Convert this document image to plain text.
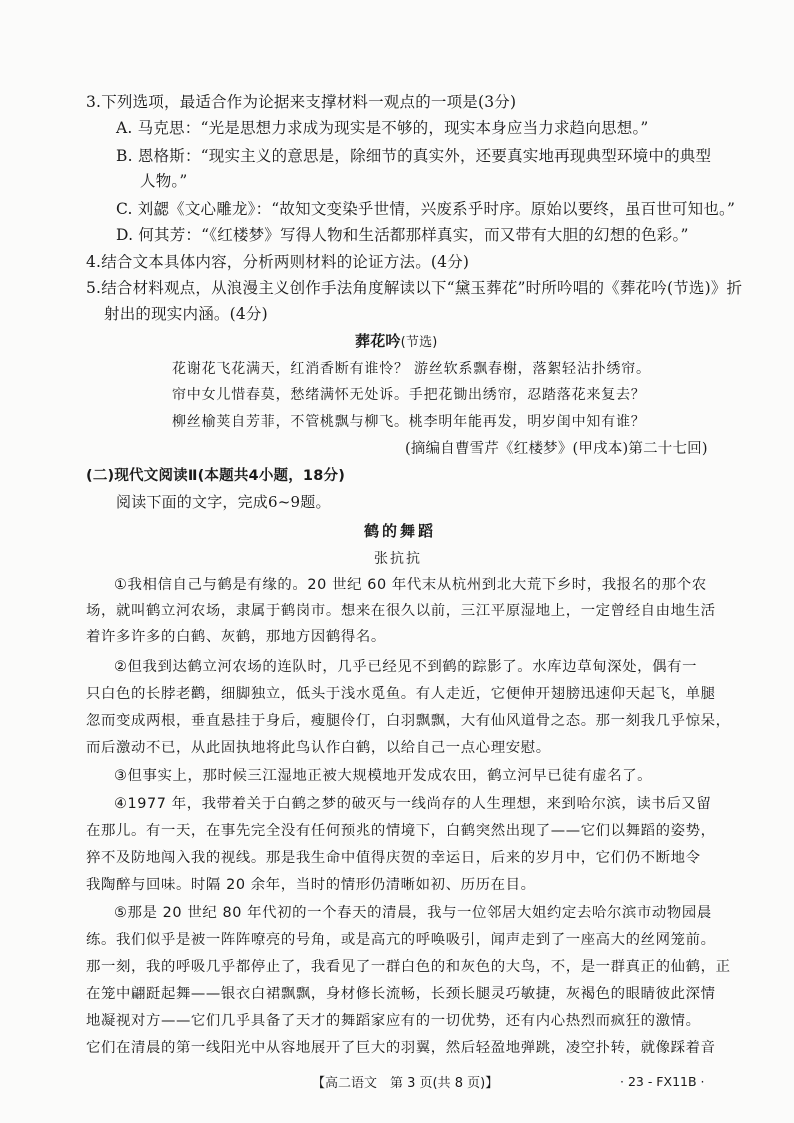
3.下列选项，最适合作为论据来支撑材料一观点的一项是(3分)
A. 马克思：“光是思想力求成为现实是不够的，现实本身应当力求趋向思想。”
B. 恩格斯：“现实主义的意思是，除细节的真实外，还要真实地再现典型环境中的典型
人物。”
C. 刘勰《文心雕龙》：“故知文变染乎世情，兴废系乎时序。原始以要终，虽百世可知也。”
D. 何其芳：“《红楼梦》写得人物和生活都那样真实，而又带有大胆的幻想的色彩。”
4.结合文本具体内容，分析两则材料的论证方法。(4分)
5.结合材料观点，从浪漫主义创作手法角度解读以下“黛玉葬花”时所吟唱的《葬花吟(节选)》折
射出的现实内涵。(4分)
葬花吟(节选)
花谢花飞花满天，红消香断有谁怜？ 游丝软系飘春榭，落絮轻沾扑绣帘。
帘中女儿惜春莫，愁绪满怀无处诉。手把花锄出绣帘，忍踏落花来复去？
柳丝榆荚自芳菲，不管桃飘与柳飞。桃李明年能再发，明岁闺中知有谁？
(摘编自曹雪芹《红楼梦》(甲戌本)第二十七回)
(二)现代文阅读Ⅱ(本题共4小题，18分)
阅读下面的文字，完成6~9题。
鹤的舞蹈
张抗抗
①我相信自己与鹤是有缘的。20 世纪 60 年代末从杭州到北大荒下乡时，我报名的那个农
场，就叫鹤立河农场，隶属于鹤岗市。想来在很久以前，三江平原湿地上，一定曾经自由地生活
着许多许多的白鹤、灰鹤，那地方因鹤得名。
②但我到达鹤立河农场的连队时，几乎已经见不到鹤的踪影了。水库边草甸深处，偶有一
只白色的长脖老鹳，细脚独立，低头于浅水觅鱼。有人走近，它便伸开翅膀迅速仰天起飞，单腿
忽而变成两根，垂直悬挂于身后，瘦腿伶仃，白羽飘飘，大有仙风道骨之态。那一刻我几乎惊呆，
而后激动不已，从此固执地将此鸟认作白鹤，以给自己一点心理安慰。
③但事实上，那时候三江湿地正被大规模地开发成农田，鹤立河早已徒有虚名了。
④1977 年，我带着关于白鹤之梦的破灭与一线尚存的人生理想，来到哈尔滨，读书后又留
在那儿。有一天，在事先完全没有任何预兆的情境下，白鹤突然出现了——它们以舞蹈的姿势，
猝不及防地闯入我的视线。那是我生命中值得庆贺的幸运日，后来的岁月中，它们仍不断地令
我陶醉与回味。时隔 20 余年，当时的情形仍清晰如初、历历在目。
⑤那是 20 世纪 80 年代初的一个春天的清晨，我与一位邻居大姐约定去哈尔滨市动物园晨
练。我们似乎是被一阵阵嘹亮的号角，或是高亢的呼唤吸引，闻声走到了一座高大的丝网笼前。
那一刻，我的呼吸几乎都停止了，我看见了一群白色的和灰色的大鸟，不，是一群真正的仙鹤，正
在笼中翩跹起舞——银衣白裙飘飘，身材修长流畅，长颈长腿灵巧敏捷，灰褐色的眼睛彼此深情
地凝视对方——它们几乎具备了天才的舞蹈家应有的一切优势，还有内心热烈而疯狂的激情。
它们在清晨的第一线阳光中从容地展开了巨大的羽翼，然后轻盈地弹跳，凌空扑转，就像踩着音
【高二语文　第 3 页(共 8 页)】	· 23 - FX11B ·
